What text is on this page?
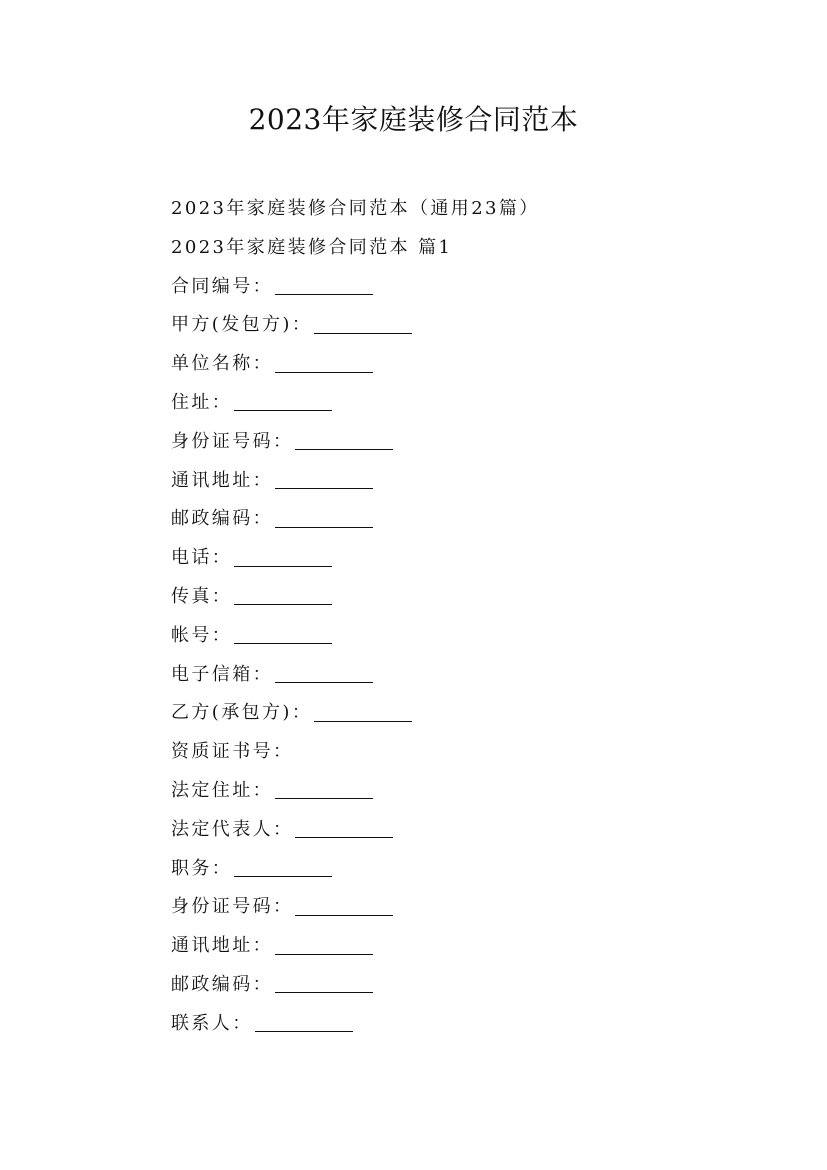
2023年家庭装修合同范本
2023年家庭装修合同范本（通用23篇）
2023年家庭装修合同范本 篇1
合同编号：
甲方(发包方)：
单位名称：
住址：
身份证号码：
通讯地址：
邮政编码：
电话：
传真：
帐号：
电子信箱：
乙方(承包方)：
资质证书号：
法定住址：
法定代表人：
职务：
身份证号码：
通讯地址：
邮政编码：
联系人：
